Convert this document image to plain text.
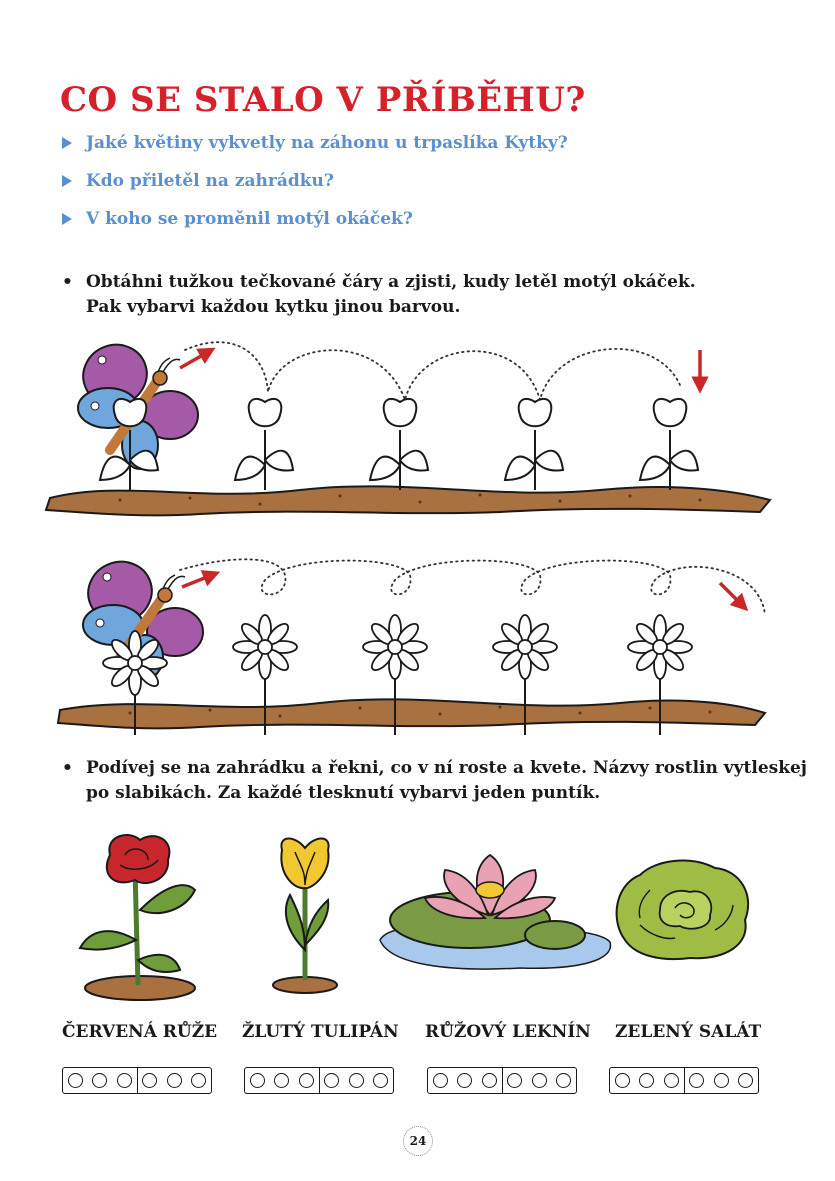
CO SE STALO V PŘÍBĚHU?
Jaké květiny vykvetly na záhonu u trpaslíka Kytky?
Kdo přiletěl na zahrádku?
V koho se proměnil motýl okáček?
• Obtáhni tužkou tečkované čáry a zjisti, kudy letěl motýl okáček.
Pak vybarvi každou kytku jinou barvou.
• Podívej se na zahrádku a řekni, co v ní roste a kvete. Názvy rostlin vytleskej
po slabikách. Za každé tlesknutí vybarvi jeden puntík.
ČERVENÁ RŮŽE ŽLUTÝ TULIPÁN RŮŽOVÝ LEKNÍN ZELENÝ SALÁT
24
